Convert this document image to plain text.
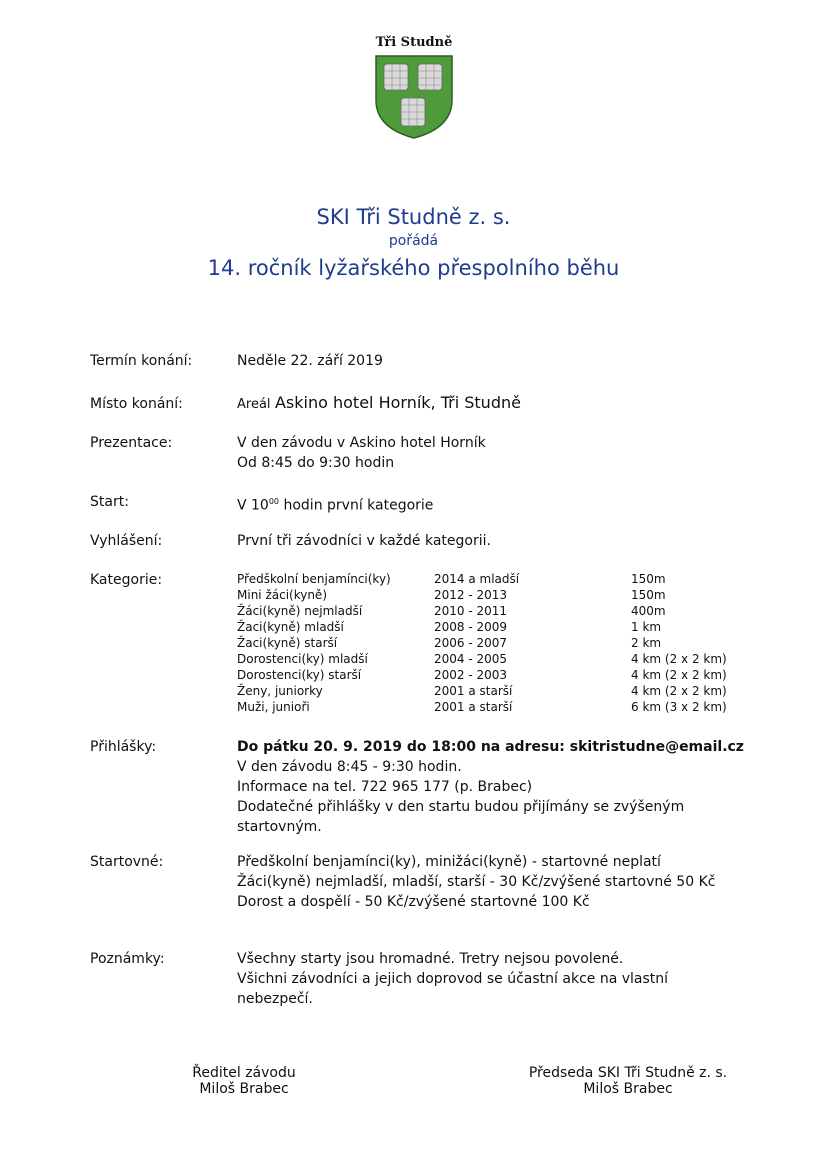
Tři Studně
SKI Tři Studně z. s.
pořádá
14. ročník lyžařského přespolního běhu
Termín konání:	Neděle 22. září 2019
Místo konání:	Areál Askino hotel Horník, Tři Studně
Prezentace:	V den závodu v Askino hotel Horník
Od 8:45 do 9:30 hodin
Start:	V $10^{00}$ hodin první kategorie
Vyhlášení:	První tři závodníci v každé kategorii.
Kategorie:	Předškolní benjamínci(ky)	2014 a mladší	150m
Mini žáci(kyně)	2012 - 2013	150m
Žáci(kyně) nejmladší	2010 - 2011	400m
Žaci(kyně) mladší	2008 - 2009	1 km
Žaci(kyně) starší	2006 - 2007	2 km
Dorostenci(ky) mladší	2004 - 2005	4 km (2 x 2 km)
Dorostenci(ky) starší	2002 - 2003	4 km (2 x 2 km)
Ženy, juniorky	2001 a starší	4 km (2 x 2 km)
Muži, junioři	2001 a starší	6 km (3 x 2 km)
Přihlášky:	Do pátku 20. 9. 2019 do 18:00 na adresu: skitristudne@email.cz
V den závodu 8:45 - 9:30 hodin.
Informace na tel. 722 965 177 (p. Brabec)
Dodatečné přihlášky v den startu budou přijímány se zvýšeným
startovným.
Startovné:	Předškolní benjamínci(ky), minižáci(kyně) - startovné neplatí
Žáci(kyně) nejmladší, mladší, starší - 30 Kč/zvýšené startovné 50 Kč
Dorost a dospělí - 50 Kč/zvýšené startovné 100 Kč
Poznámky:	Všechny starty jsou hromadné. Tretry nejsou povolené.
Všichni závodníci a jejich doprovod se účastní akce na vlastní
nebezpečí.
Ředitel závodu
Miloš Brabec
Předseda SKI Tři Studně z. s.
Miloš Brabec
